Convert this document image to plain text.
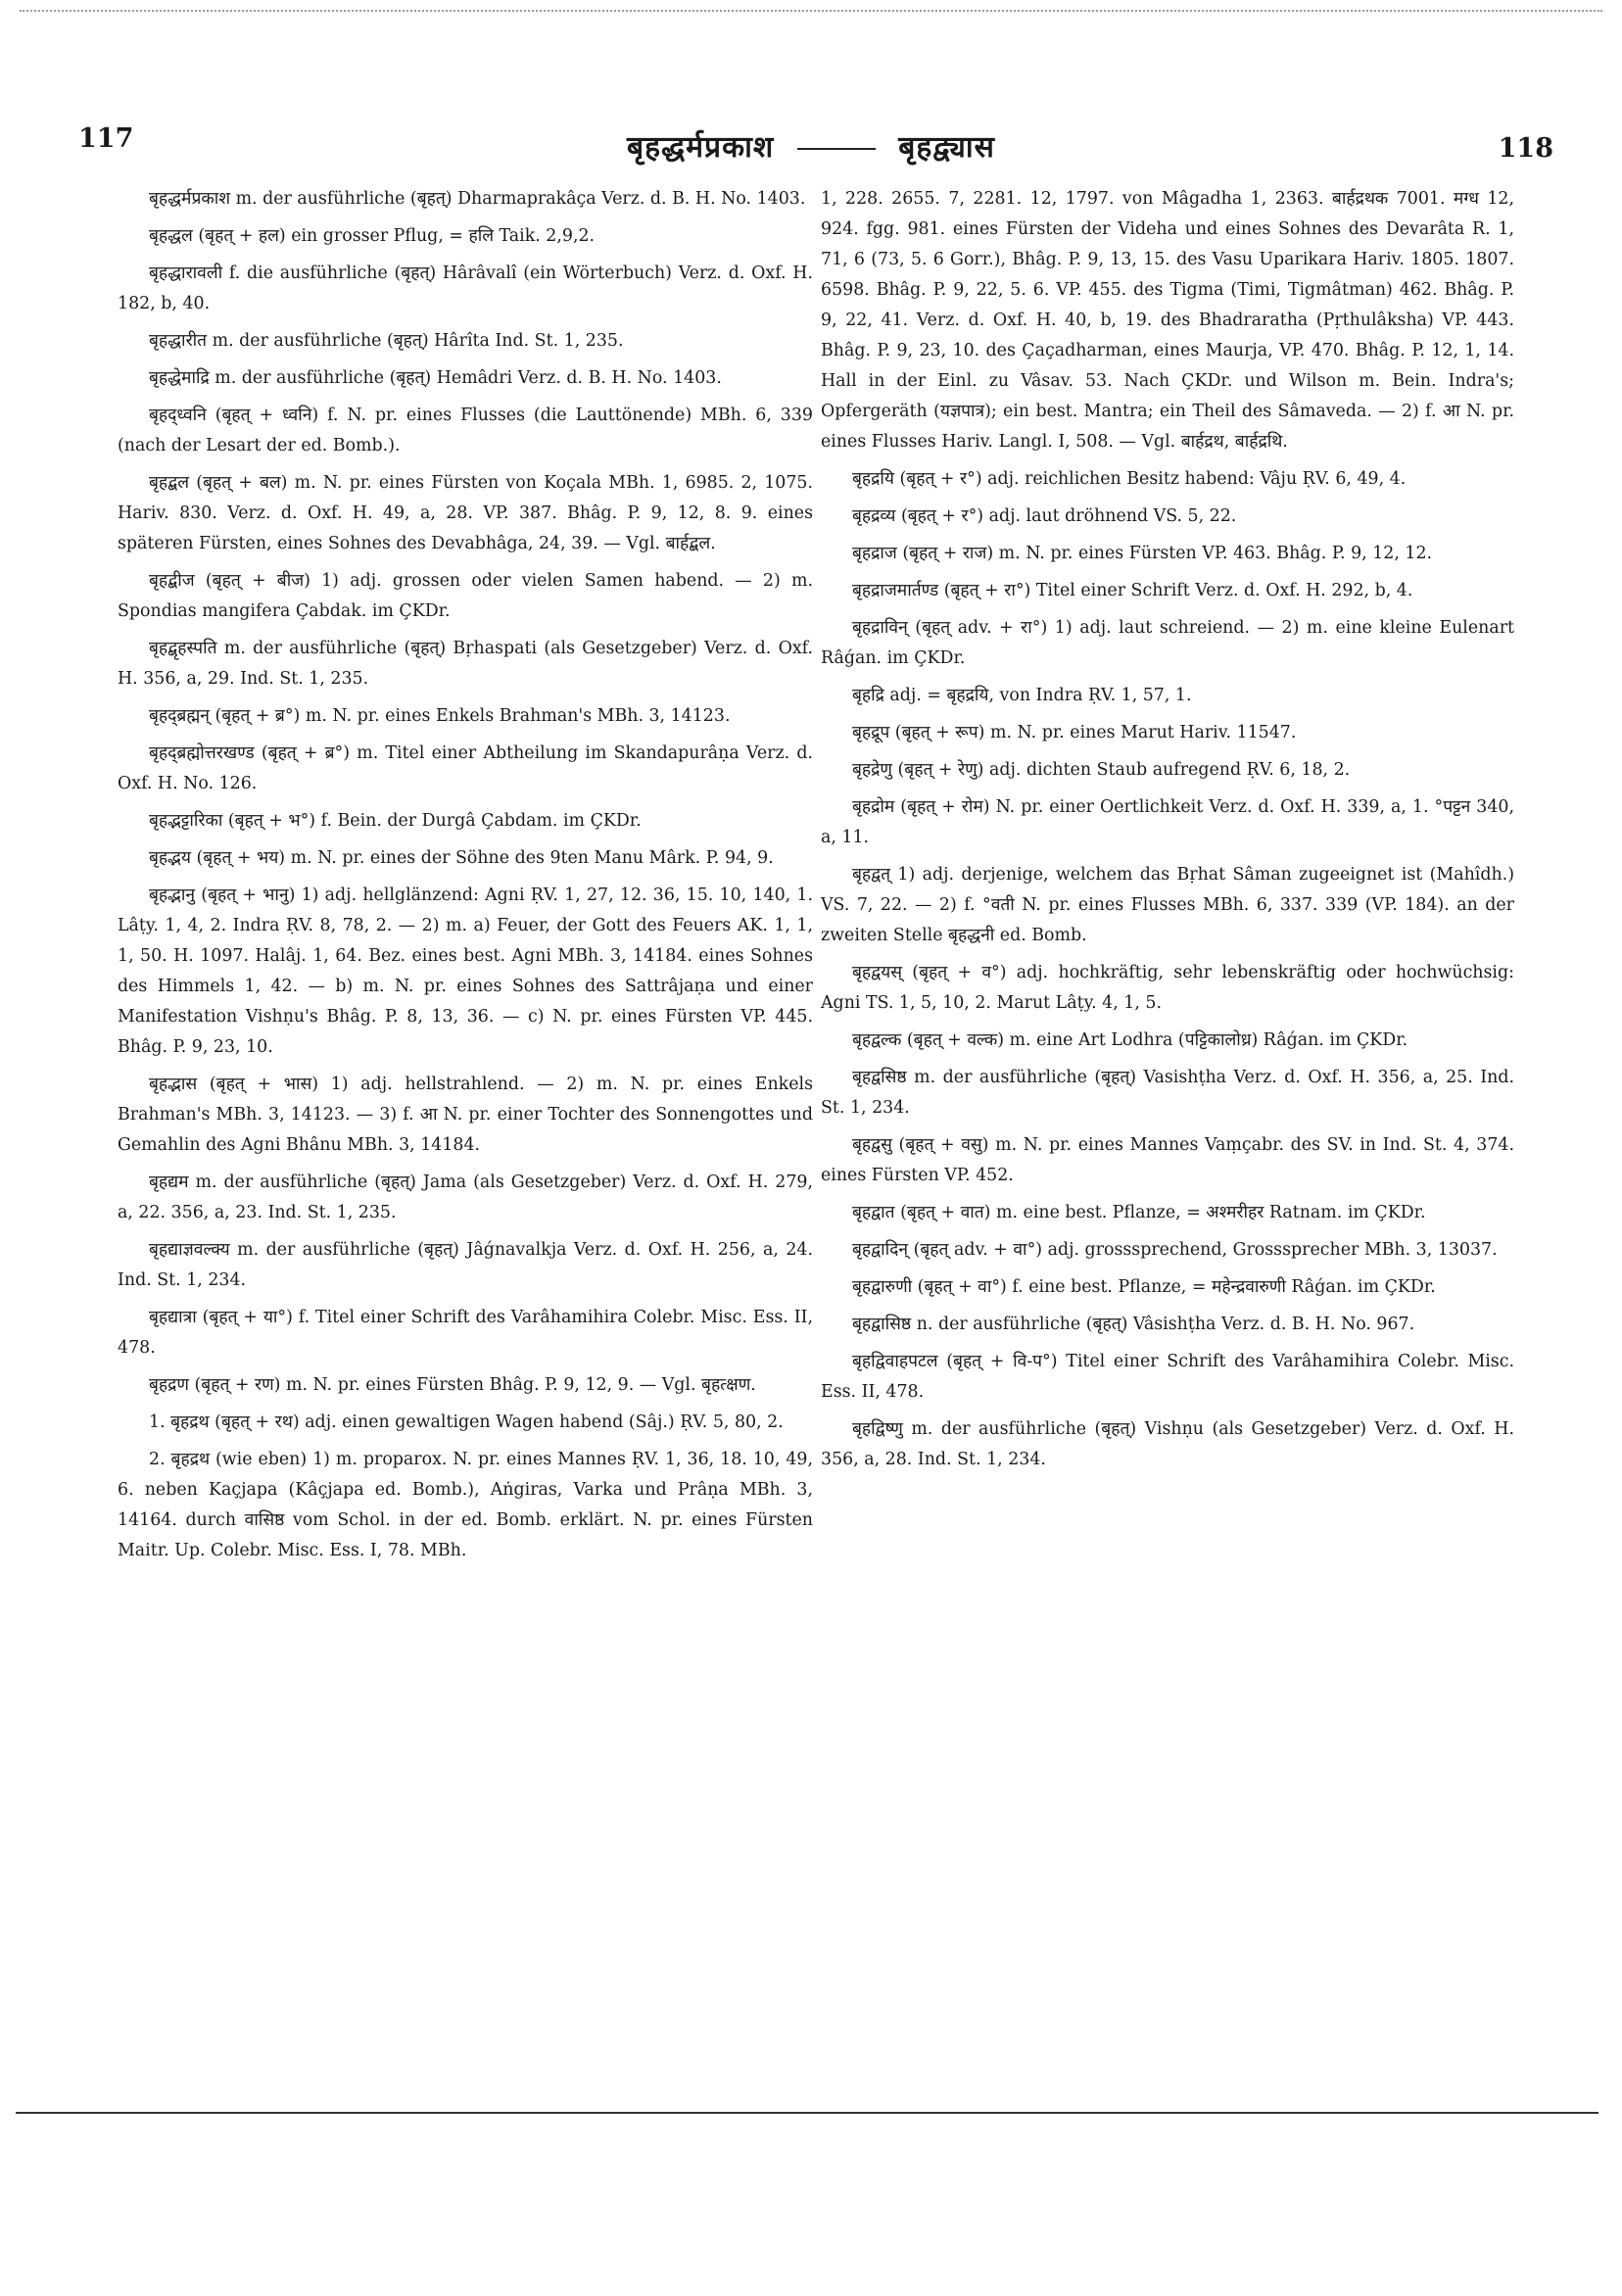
117	बृहद्धर्मप्रकाश	बृहद्व्यास	118

बृहद्धर्मप्रकाश m. der ausführliche (बृहत्) Dharmaprakâça Verz. d. B. H. No. 1403.

बृहद्धल (बृहत् + हल) ein grosser Pflug, = हलि Taik. 2,9,2.

बृहद्धारावली f. die ausführliche (बृहत्) Hârâvalî (ein Wörterbuch) Verz. d. Oxf. H. 182, b, 40.

बृहद्धारीत m. der ausführliche (बृहत्) Hârîta Ind. St. 1, 235.

बृहद्धेमाद्रि m. der ausführliche (बृहत्) Hemâdri Verz. d. B. H. No. 1403.

बृहद्ध्वनि (बृहत् + ध्वनि) f. N. pr. eines Flusses (die Lauttönende) MBh. 6, 339 (nach der Lesart der ed. Bomb.).

बृहद्बल (बृहत् + बल) m. N. pr. eines Fürsten von Koçala MBh. 1, 6985. 2, 1075. Hariv. 830. Verz. d. Oxf. H. 49, a, 28. VP. 387. Bhâg. P. 9, 12, 8. 9. eines späteren Fürsten, eines Sohnes des Devabhâga, 24, 39. — Vgl. बार्हद्बल.

बृहद्बीज (बृहत् + बीज) 1) adj. grossen oder vielen Samen habend. — 2) m. Spondias mangifera Çabdak. im ÇKDr.

बृहद्बृहस्पति m. der ausführliche (बृहत्) Bṛhaspati (als Gesetzgeber) Verz. d. Oxf. H. 356, a, 29. Ind. St. 1, 235.

बृहद्ब्रह्मन् (बृहत् + ब्र°) m. N. pr. eines Enkels Brahman's MBh. 3, 14123.

बृहद्ब्रह्मोत्तरखण्ड (बृहत् + ब्र°) m. Titel einer Abtheilung im Skandapurâṇa Verz. d. Oxf. H. No. 126.

बृहद्भट्टारिका (बृहत् + भ°) f. Bein. der Durgâ Çabdam. im ÇKDr.

बृहद्भय (बृहत् + भय) m. N. pr. eines der Söhne des 9ten Manu Mârk. P. 94, 9.

बृहद्भानु (बृहत् + भानु) 1) adj. hellglänzend: Agni ṚV. 1, 27, 12. 36, 15. 10, 140, 1. Lâṭy. 1, 4, 2. Indra ṚV. 8, 78, 2. — 2) m. a) Feuer, der Gott des Feuers AK. 1, 1, 1, 50. H. 1097. Halâj. 1, 64. Bez. eines best. Agni MBh. 3, 14184. eines Sohnes des Himmels 1, 42. — b) m. N. pr. eines Sohnes des Sattrâjaṇa und einer Manifestation Vishṇu's Bhâg. P. 8, 13, 36. — c) N. pr. eines Fürsten VP. 445. Bhâg. P. 9, 23, 10.

बृहद्भास (बृहत् + भास) 1) adj. hellstrahlend. — 2) m. N. pr. eines Enkels Brahman's MBh. 3, 14123. — 3) f. आ N. pr. einer Tochter des Sonnengottes und Gemahlin des Agni Bhânu MBh. 3, 14184.

बृहद्यम m. der ausführliche (बृहत्) Jama (als Gesetzgeber) Verz. d. Oxf. H. 279, a, 22. 356, a, 23. Ind. St. 1, 235.

बृहद्याज्ञवल्क्य m. der ausführliche (बृहत्) Jâǵnavalkja Verz. d. Oxf. H. 256, a, 24. Ind. St. 1, 234.

बृहद्यात्रा (बृहत् + या°) f. Titel einer Schrift des Varâhamihira Colebr. Misc. Ess. II, 478.

बृहद्रण (बृहत् + रण) m. N. pr. eines Fürsten Bhâg. P. 9, 12, 9. — Vgl. बृहत्क्षण.

1. बृहद्रथ (बृहत् + रथ) adj. einen gewaltigen Wagen habend (Sâj.) ṚV. 5, 80, 2.

2. बृहद्रथ (wie eben) 1) m. proparox. N. pr. eines Mannes ṚV. 1, 36, 18. 10, 49, 6. neben Kaçjapa (Kâçjapa ed. Bomb.), Aṅgiras, Varka und Prâṇa MBh. 3, 14164. durch वासिष्ठ vom Schol. in der ed. Bomb. erklärt. N. pr. eines Fürsten Maitr. Up. Colebr. Misc. Ess. I, 78. MBh.

1, 228. 2655. 7, 2281. 12, 1797. von Mâgadha 1, 2363. बार्हद्रथक 7001. मग्ध 12, 924. fgg. 981. eines Fürsten der Videha und eines Sohnes des Devarâta R. 1, 71, 6 (73, 5. 6 Gorr.), Bhâg. P. 9, 13, 15. des Vasu Uparikara Hariv. 1805. 1807. 6598. Bhâg. P. 9, 22, 5. 6. VP. 455. des Tigma (Timi, Tigmâtman) 462. Bhâg. P. 9, 22, 41. Verz. d. Oxf. H. 40, b, 19. des Bhadraratha (Pṛthulâksha) VP. 443. Bhâg. P. 9, 23, 10. des Çaçadharman, eines Maurja, VP. 470. Bhâg. P. 12, 1, 14. Hall in der Einl. zu Vâsav. 53. Nach ÇKDr. und Wilson m. Bein. Indra's; Opfergeräth (यज्ञपात्र); ein best. Mantra; ein Theil des Sâmaveda. — 2) f. आ N. pr. eines Flusses Hariv. Langl. I, 508. — Vgl. बार्हद्रथ, बार्हद्रथि.

बृहद्रयि (बृहत् + र°) adj. reichlichen Besitz habend: Vâju ṚV. 6, 49, 4.

बृहद्रव्य (बृहत् + र°) adj. laut dröhnend VS. 5, 22.

बृहद्राज (बृहत् + राज) m. N. pr. eines Fürsten VP. 463. Bhâg. P. 9, 12, 12.

बृहद्राजमार्तण्ड (बृहत् + रा°) Titel einer Schrift Verz. d. Oxf. H. 292, b, 4.

बृहद्राविन् (बृहत् adv. + रा°) 1) adj. laut schreiend. — 2) m. eine kleine Eulenart Râǵan. im ÇKDr.

बृहद्रि adj. = बृहद्रयि, von Indra ṚV. 1, 57, 1.

बृहद्रूप (बृहत् + रूप) m. N. pr. eines Marut Hariv. 11547.

बृहद्रेणु (बृहत् + रेणु) adj. dichten Staub aufregend ṚV. 6, 18, 2.

बृहद्रोम (बृहत् + रोम) N. pr. einer Oertlichkeit Verz. d. Oxf. H. 339, a, 1. °पट्टन 340, a, 11.

बृहद्वत् 1) adj. derjenige, welchem das Bṛhat Sâman zugeeignet ist (Mahîdh.) VS. 7, 22. — 2) f. °वती N. pr. eines Flusses MBh. 6, 337. 339 (VP. 184). an der zweiten Stelle बृहद्धनी ed. Bomb.

बृहद्वयस् (बृहत् + व°) adj. hochkräftig, sehr lebenskräftig oder hochwüchsig: Agni TS. 1, 5, 10, 2. Marut Lâṭy. 4, 1, 5.

बृहद्वल्क (बृहत् + वल्क) m. eine Art Lodhra (पट्टिकालोध्र) Râǵan. im ÇKDr.

बृहद्वसिष्ठ m. der ausführliche (बृहत्) Vasishṭha Verz. d. Oxf. H. 356, a, 25. Ind. St. 1, 234.

बृहद्वसु (बृहत् + वसु) m. N. pr. eines Mannes Vaṃçabr. des SV. in Ind. St. 4, 374. eines Fürsten VP. 452.

बृहद्वात (बृहत् + वात) m. eine best. Pflanze, = अश्मरीहर Ratnam. im ÇKDr.

बृहद्वादिन् (बृहत् adv. + वा°) adj. grosssprechend, Grosssprecher MBh. 3, 13037.

बृहद्वारुणी (बृहत् + वा°) f. eine best. Pflanze, = महेन्द्रवारुणी Râǵan. im ÇKDr.

बृहद्वासिष्ठ n. der ausführliche (बृहत्) Vâsishṭha Verz. d. B. H. No. 967.

बृहद्विवाहपटल (बृहत् + वि-प°) Titel einer Schrift des Varâhamihira Colebr. Misc. Ess. II, 478.

बृहद्विष्णु m. der ausführliche (बृहत्) Vishṇu (als Gesetzgeber) Verz. d. Oxf. H. 356, a, 28. Ind. St. 1, 234.
